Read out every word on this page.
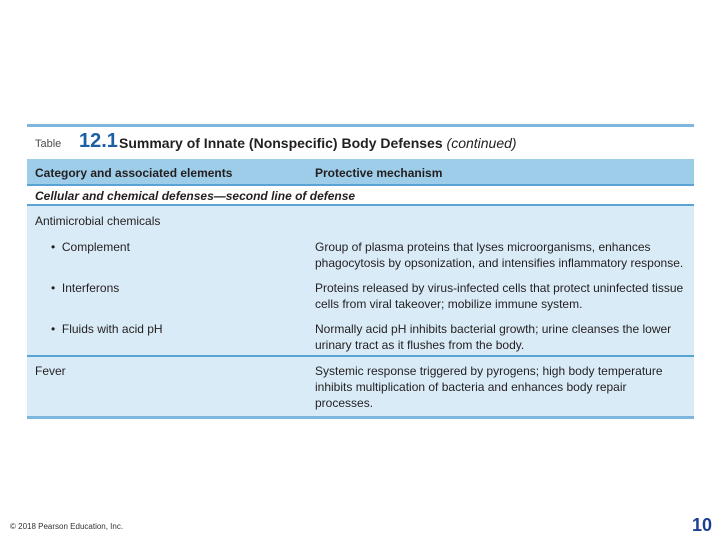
Table 12.1 Summary of Innate (Nonspecific) Body Defenses (continued)
Category and associated elements	Protective mechanism
Cellular and chemical defenses—second line of defense
Antimicrobial chemicals
•  Complement	Group of plasma proteins that lyses microorganisms, enhances
phagocytosis by opsonization, and intensifies inflammatory response.
•  Interferons	Proteins released by virus-infected cells that protect uninfected tissue
cells from viral takeover; mobilize immune system.
•  Fluids with acid pH	Normally acid pH inhibits bacterial growth; urine cleanses the lower
urinary tract as it flushes from the body.
Fever	Systemic response triggered by pyrogens; high body temperature
inhibits multiplication of bacteria and enhances body repair
processes.
© 2018 Pearson Education, Inc.	10
